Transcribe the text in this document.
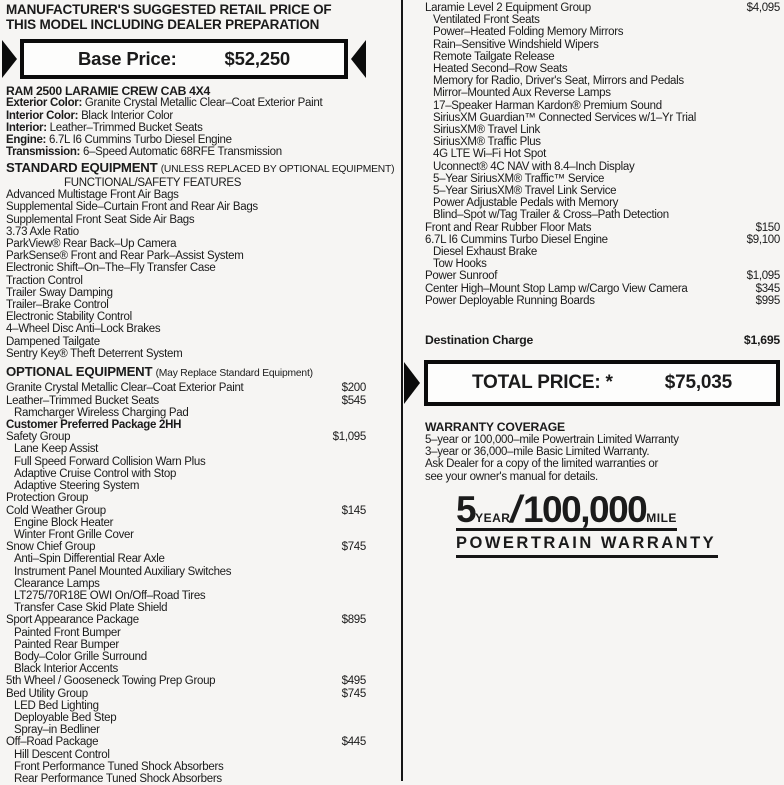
MANUFACTURER'S SUGGESTED RETAIL PRICE OF
THIS MODEL INCLUDING DEALER PREPARATION
Base Price:	$52,250
RAM 2500 LARAMIE CREW CAB 4X4
Exterior Color: Granite Crystal Metallic Clear–Coat Exterior Paint
Interior Color: Black Interior Color
Interior: Leather–Trimmed Bucket Seats
Engine: 6.7L I6 Cummins Turbo Diesel Engine
Transmission: 6–Speed Automatic 68RFE Transmission
STANDARD EQUIPMENT (UNLESS REPLACED BY OPTIONAL EQUIPMENT)
FUNCTIONAL/SAFETY FEATURES
Advanced Multistage Front Air Bags
Supplemental Side–Curtain Front and Rear Air Bags
Supplemental Front Seat Side Air Bags
3.73 Axle Ratio
ParkView® Rear Back–Up Camera
ParkSense® Front and Rear Park–Assist System
Electronic Shift–On–The–Fly Transfer Case
Traction Control
Trailer Sway Damping
Trailer–Brake Control
Electronic Stability Control
4–Wheel Disc Anti–Lock Brakes
Dampened Tailgate
Sentry Key® Theft Deterrent System
OPTIONAL EQUIPMENT (May Replace Standard Equipment)
Granite Crystal Metallic Clear–Coat Exterior Paint	$200
Leather–Trimmed Bucket Seats	$545
Ramcharger Wireless Charging Pad
Customer Preferred Package 2HH
Safety Group	$1,095
Lane Keep Assist
Full Speed Forward Collision Warn Plus
Adaptive Cruise Control with Stop
Adaptive Steering System
Protection Group
Cold Weather Group	$145
Engine Block Heater
Winter Front Grille Cover
Snow Chief Group	$745
Anti–Spin Differential Rear Axle
Instrument Panel Mounted Auxiliary Switches
Clearance Lamps
LT275/70R18E OWI On/Off–Road Tires
Transfer Case Skid Plate Shield
Sport Appearance Package	$895
Painted Front Bumper
Painted Rear Bumper
Body–Color Grille Surround
Black Interior Accents
5th Wheel / Gooseneck Towing Prep Group	$495
Bed Utility Group	$745
LED Bed Lighting
Deployable Bed Step
Spray–in Bedliner
Off–Road Package	$445
Hill Descent Control
Front Performance Tuned Shock Absorbers
Rear Performance Tuned Shock Absorbers
Laramie Level 2 Equipment Group	$4,095
Ventilated Front Seats
Power–Heated Folding Memory Mirrors
Rain–Sensitive Windshield Wipers
Remote Tailgate Release
Heated Second–Row Seats
Memory for Radio, Driver's Seat, Mirrors and Pedals
Mirror–Mounted Aux Reverse Lamps
17–Speaker Harman Kardon® Premium Sound
SiriusXM Guardian™ Connected Services w/1–Yr Trial
SiriusXM® Travel Link
SiriusXM® Traffic Plus
4G LTE Wi–Fi Hot Spot
Uconnect® 4C NAV with 8.4–Inch Display
5–Year SiriusXM® Traffic™ Service
5–Year SiriusXM® Travel Link Service
Power Adjustable Pedals with Memory
Blind–Spot w/Tag Trailer & Cross–Path Detection
Front and Rear Rubber Floor Mats	$150
6.7L I6 Cummins Turbo Diesel Engine	$9,100
Diesel Exhaust Brake
Tow Hooks
Power Sunroof	$1,095
Center High–Mount Stop Lamp w/Cargo View Camera	$345
Power Deployable Running Boards	$995
Destination Charge	$1,695
TOTAL PRICE: *	$75,035
WARRANTY COVERAGE
5–year or 100,000–mile Powertrain Limited Warranty
3–year or 36,000–mile Basic Limited Warranty.
Ask Dealer for a copy of the limited warranties or
see your owner's manual for details.
5 YEAR
/
100,000 MILE
POWERTRAIN WARRANTY
